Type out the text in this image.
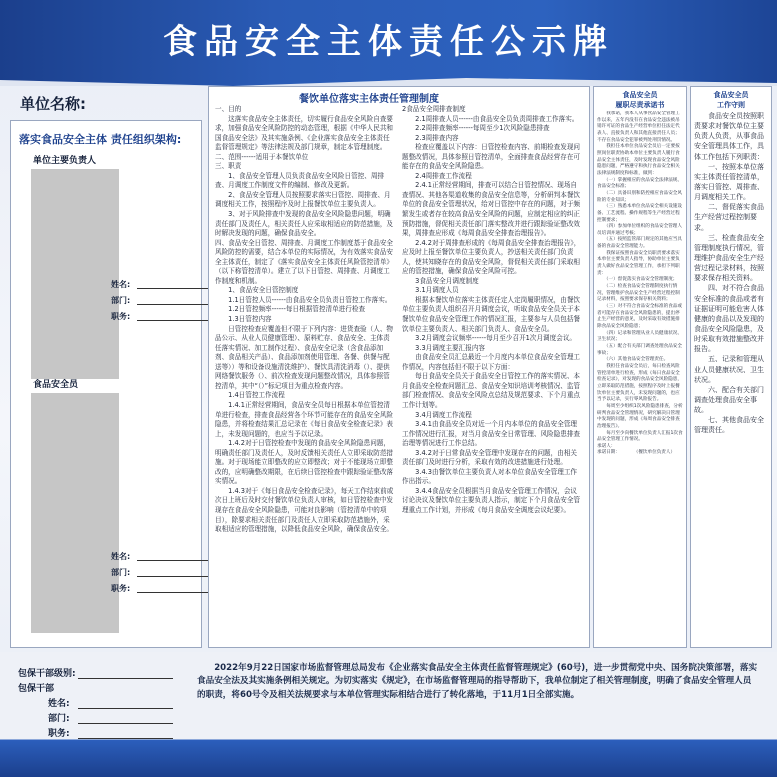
食品安全主体责任公示牌
单位名称:
落实食品安全主体 责任组织架构:
单位主要负责人
姓名:
部门:
职务:
食品安全员
姓名:
部门:
职务:
餐饮单位落实主体责任管理制度
一、目的
　　这落实食品安全主体责任，切实履行食品安全风险自查要求，加强食品安全风险防控的动态管理，根据《中华人民共和国食品安全法》及其实施条例、《企业落实食品安全主体责任监督管理规定》等法律法规及部门规章，制定本管理制度。
二、范围------适用于本餐饮单位
三、职责
　　1、食品安全管理人员负责食品安全风险日管控、周排查、月调度工作制度文件的编制、修改及更新。
　　2、食品安全管理人员按照要求落实日管控、周排查、月调度相关工作，按照程序及时上报餐饮单位主要负责人。
　　3、对于风险排查中发现的食品安全风险隐患问题，明确责任部门及责任人，相关责任人应采取相适应的防范措施，及时解决发现的问题，确保食品安全。
四、食品安全日管控、周排查、月调度工作制度基于食品安全风险防控的需要，结合本单位的实际情况，为有效落实食品安全主体责任，制定了《落实食品安全主体责任风险管控清单》（以下称管控清单）。建立了以下日管控、周排查、月调度工作制度和机制。
　　1、食品安全日管控制度
　　1.1日管控人员------由食品安全员负责日管控工作落实。
　　1.2日管控频率------每日根据管控清单进行检查
　　1.3日管控内容
　　日管控检查应覆盖但不限于下列内容：进货查验（人、物品公示、从业人员健康管理）、原料贮存、食品安全、主体责任落实情况、加工制作过程）、食品安全记录（含食品添加剂、食品相关产品）、食品添加剂使用管理、各餐、供餐与配送等））等和设备设施清洗维护）、餐饮具清洗消毒（）、提供网络餐饮服务（）、前次检查发现问题整改情况，具体参照管控清单，其中“（）”标记项目为重点检查内容。
　　1.4日管控工作流程
　　1.4.1正常经营期间，食品安全员每日根据本单位管控清单进行检查，排查食品经营各个环节可能存在的食品安全风险隐患，并将检查结果汇总记录在《每日食品安全检查记录》表上，未发现问题的，也应当予以记录。
　　1.4.2对于日管控检查中发现的食品安全风险隐患问题，明确责任部门及责任人，及时反馈相关责任人立即采取防范措施。对于现场能立即整改的应立即整改；对于不能现场立即整改的，应明确整改期限，在后续日管控检查中跟踪验证整改落实情况。
　　1.4.3对于《每日食品安全检查记录》，每天工作结束前或次日上班后及时交付餐饮单位负责人审核，如日管控检查中发现存在食品安全风险隐患，可能对良影响（管控清单中的项目），除要求相关责任部门及责任人立即采取防范措施外，采取相适应的管理措施，以降低食品安全风险，确保食品安全。
2食品安全周排查制度
　　2.1周排查人员------由食品安全员负责周排查工作落实。
　　2.2周排查频率------每周至少1次风险隐患排查
　　2.3周排查内容
　　检查应覆盖以下内容：日管控检查内容、前期检查发现问题整改情况，具体参照日管控清单，全面排查食品经营存在可能存在的食品安全风险隐患。
　　2.4周排查工作流程
　　2.4.1正常经营期间，排查可以结合日管控情况、现场自查情况、其他各渠道收集的食品安全信息等，分析研判本餐饮单位的食品安全管理状况，给对日管控中存在的问题，对于频繁发生或者存在较高食品安全风险的问题，应制定相应的纠正预防措施，督促相关责任部门落实整改并进行跟踪验证整改效果，周排查应形成《每周食品安全排查治理报告》。
　　2.4.2对于周排查形成的《每周食品安全排查治理报告》，应及时上报至餐饮单位主要负责人，抄送相关责任部门负责人，使其知晓存在的食品安全风险，督促相关责任部门采取相应的管控措施，确保食品安全风险可控。
　　3食品安全月调度制度
　　3.1月调度人员
　　根据本餐饮单位落实主体责任定人定岗履职情况，由餐饮单位主要负责人组织召开月调度会议，听取食品安全员关于本餐饮单位食品安全管理工作的情况汇报，主要参与人员包括餐饮单位主要负责人、相关部门负责人、食品安全员。
　　3.2月调度会议频率------每月至少召开1次月调度会议。
　　3.3月调度主要汇报内容
　　由食品安全员汇总最近一个月度内本单位食品安全管理工作情况，内容包括但不限于以下方面：
　　每日食品安全员关于食品安全日管控工作的落实情况、本月食品安全检查问题汇总、食品安全知识培训考核情况、监管部门检查情况、食品安全风险点总结及规范要求、下个月重点工作计划等。
　　3.4月调度工作流程
　　3.4.1由食品安全员对近一个月内本单位的食品安全管理工作情况进行汇报，对当月食品安全日常管理、风险隐患排查治理等情况进行工作总结。
　　3.4.2对于日常食品安全管理中发现存在的问题，由相关责任部门及时进行分析，采取有效的改进措施进行处理。
　　3.4.3由餐饮单位主要负责人对本单位食品安全管理工作作出指示。
　　3.4.4食品安全员根据当月食品安全管理工作情况，会议讨论决议及餐饮单位主要负责人指示，制定下个月食品安全管理重点工作计划，并形成《每月食品安全调度会议纪要》。
食品安全员
履职尽责承诺书
　　我承诺，我本人从事食品安全管理工作以来，五年内没有在食品安全违法被吊销许可证的食品生产经营单位担任法定代表人、直接负责人和其他直接责任人员；不存在食品安全犯罪被判处刑罚情况。
　　我担任本单位食品安全员后一定要按照岗位职责协助本单位主要负责人履行食品安全主体责任，及时发现食品安全风险隐患问题，严格遵守和执行食品安全相关法律法规制度和标准，做到：
　　（一）掌握相应的食品安全法律法规、食品安全标准；
　　（二）具备识别和防控相应食品安全风险的专业知识；
　　（三）熟悉本单位食品安全相关设施设备、工艺流程、操作规程等生产经营过程控制要求；
　　（四）参加单位组织的食品安全管理人员培训并通过考核；
　　（五）按照监管部门规定的其他应当具备的食品安全管理能力。
　　我保证按照食品安全员职责要求落实本单位主要负责人指导，协助单位主要负责人做好食品安全管理工作，承担下列职责：
　　（一）督促落实食品安全管理制度；
　　（二）检查食品安全管理制度执行情况，管理维护食品安全生产经营过程控制记录材料，按照要求保存相关资料；
　　（三）对不符合食品安全标准的食品或者可能存在食品安全风险隐患的，提出停止生产经营的意见，及时采取有效措施排除食品安全风险隐患；
　　（四）记录和管理从业人员健康状况、卫生状况；
　　（五）配合有关部门调查处理食品安全事故；
　　（六）其他食品安全管理责任。
　　我担任食品安全员后，每日检查风险管控清单进行检查，形成《每日食品安全检查记录》，对发现的食品安全风险隐患，立即采取防范措施，按照程序及时上报餐饮单位主要负责人，未发现问题的，也应当予以记录，实行零风险报告。
　　每周至少组织1次风险隐患排查，分析研判食品安全管理情况，研究解决日管理中发现的问题，形成《每周食品安全排查治理报告》。
　　每月至少向餐饮单位负责人汇报1次食品安全管理工作情况。
承诺人：
承诺日期：　　　　（餐饮单位负责人）
食品安全员
工作守则
　　食品安全员按照职责要求对餐饮单位主要负责人负责，从事食品安全管理具体工作，具体工作包括下列职责：
　　一、按照本单位落实主体责任管控清单，落实日管控、周排查、月调度相关工作。
　　二、督促落实食品生产经营过程控制要求。
　　三、检查食品安全管理制度执行情况，管理维护食品安全生产经营过程记录材料，按照要求保存相关资料。
　　四、对不符合食品安全标准的食品或者有证据证明可能危害人体健康的食品以及发现的食品安全风险隐患，及时采取有效措施整改并报告。
　　五、记录和管理从业人员健康状况、卫生状况。
　　六、配合有关部门调查处理食品安全事故。
　　七、其他食品安全管理责任。
包保干部级别:
包保干部
姓名:
部门:
职务:
　　2022年9月22日国家市场监督管理总局发布《企业落实食品安全主体责任监督管理规定》(60号)，进一步贯彻党中央、国务院决策部署，落实食品安全法及其实施条例相关规定。为切实落实《规定》，在市场监督管理局的指导帮助下，我单位制定了相关管理制度，明确了食品安全管理人员的职责，将60号令及相关法规要求与本单位管理实际相结合进行了转化落地，于11月1日全部实施。
